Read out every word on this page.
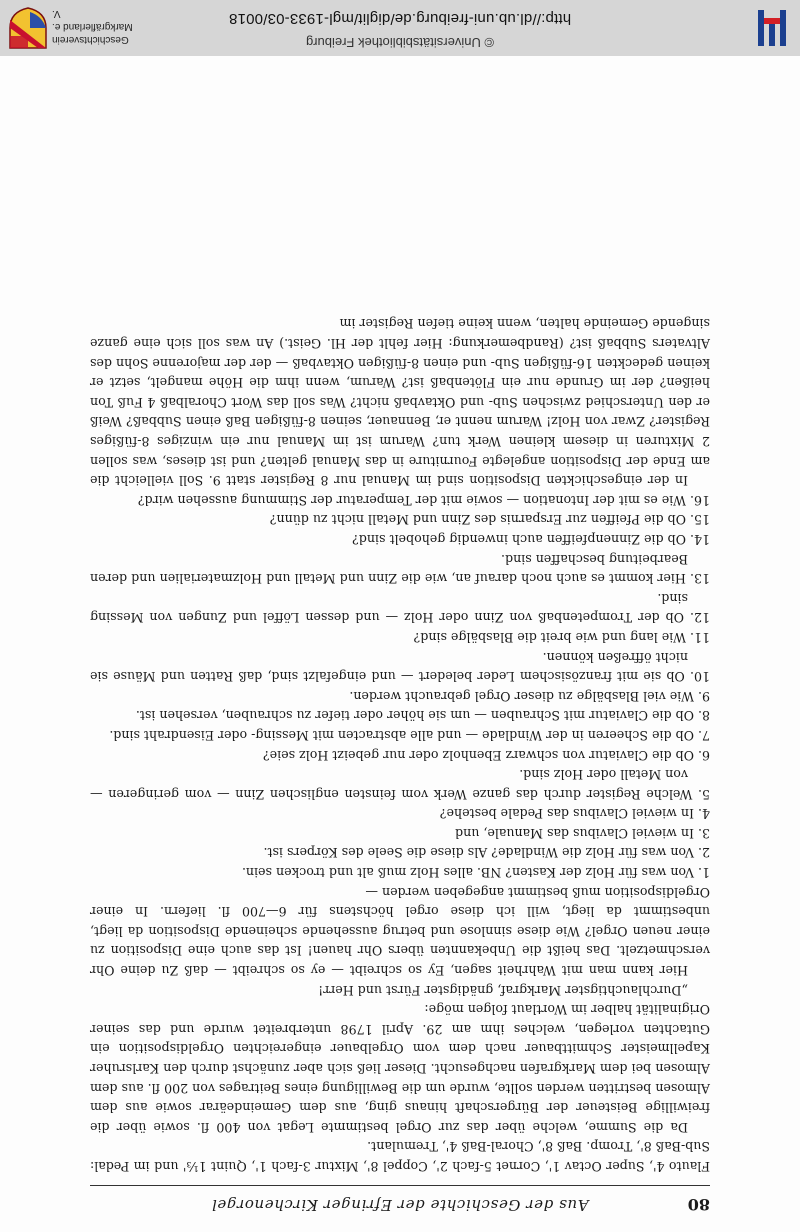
© Universitätsbibliothek Freiburg
http://dl.ub.uni-freiburg.de/diglit/mgl-1933-03/0018
Geschichtsverein
Markgräflerland e. V.
80
Aus der Geschichte der Efringer Kirchenorgel

Flauto 4', Super Octav 1', Cornet 5-fach 2', Coppel 8', Mixtur 3-fach 1', Quint 1⅓' und im Pedal: Sub-Baß 8', Tromp. Baß 8', Choral-Baß 4', Tremulant.

Da die Summe, welche über das zur Orgel bestimmte Legat von 400 fl. sowie über die freiwillige Beisteuer der Bürgerschaft hinaus ging, aus dem Gemeindeärar sowie aus dem Almosen bestritten werden sollte, wurde um die Bewilligung eines Beitrages von 200 fl. aus dem Almosen bei dem Markgrafen nachgesucht. Dieser ließ sich aber zunächst durch den Karlsruher Kapellmeister Schmittbauer nach dem vom Orgelbauer eingereichten Orgeldisposition ein Gutachten vorlegen, welches ihm am 29. April 1798 unterbreitet wurde und das seiner Originalität halber im Wortlaut folgen möge:

„Durchlauchtigster Markgraf, gnädigster Fürst und Herr!

Hier kann man mit Wahrheit sagen, Ey so schreibt — ey so schreibt — daß Zu deine Ohr verschmetzelt. Das heißt die Unbekannten übers Ohr hauen! Ist das auch eine Disposition zu einer neuen Orgel? Wie diese sinnlose und betrug aussehende scheinende Disposition da liegt, unbestimmt da liegt, will ich diese orgel höchstens für 6—700 fl. liefern. In einer Orgeldisposition muß bestimmt angegeben werden —

1. Von was für Holz der Kasten? NB. alles Holz muß alt und trocken sein.

2. Von was für Holz die Windlade? Als diese die Seele des Körpers ist.

3. In wieviel Clavibus das Manuale, und

4. In wieviel Clavibus das Pedale bestehe?

5. Welche Register durch das ganze Werk vom feinsten englischen Zinn — vom geringeren — von Metall oder Holz sind.

6. Ob die Claviatur von schwarz Ebenholz oder nur gebeizt Holz seie?

7. Ob die Scheeren in der Windlade — und alle abstracten mit Messing- oder Eisendraht sind.

8. Ob die Claviatur mit Schrauben — um sie höher oder tiefer zu schrauben, versehen ist.

9. Wie viel Blasbälge zu dieser Orgel gebraucht werden.

10. Ob sie mit französischem Leder beledert — und eingefalzt sind, daß Ratten und Mäuse sie nicht öffreßen können.

11. Wie lang und wie breit die Blasbälge sind?

12. Ob der Trompetenbaß von Zinn oder Holz — und dessen Löffel und Zungen von Messing sind.

13. Hier kommt es auch noch darauf an, wie die Zinn und Metall und Holzmaterialien und deren Bearbeitung beschaffen sind.

14. Ob die Zinnenpfeiffen auch inwendig gehobelt sind?

15. Ob die Pfeiffen zur Ersparnis des Zinn und Metall nicht zu dünn?

16. Wie es mit der Intonation — sowie mit der Temperatur der Stimmung aussehen wird?

In der eingeschickten Disposition sind im Manual nur 8 Register statt 9. Soll vielleicht die am Ende der Disposition angelegte Fourniture in das Manual gelten? und ist dieses, was sollen 2 Mixturen in diesem kleinen Werk tun? Warum ist im Manual nur ein winziges 8-füßiges Register? Zwar von Holz! Warum nennt er, Bennauer, seinen 8-füßigen Baß einen Subbaß? Weiß er den Unterschied zwischen Sub- und Oktavbaß nicht? Was soll das Wort Choralbaß 4 Fuß Ton heißen? der im Grunde nur ein Flötenbaß ist? Warum, wenn ihm die Höhe mangelt, setzt er keinen gedeckten 16-füßigen Sub- und einen 8-füßigen Oktavbaß — der der majorenne Sohn des Altvaters Subbaß ist? (Randbemerkung: Hier fehlt der Hl. Geist.) An was soll sich eine ganze singende Gemeinde halten, wenn keine tiefen Register im
